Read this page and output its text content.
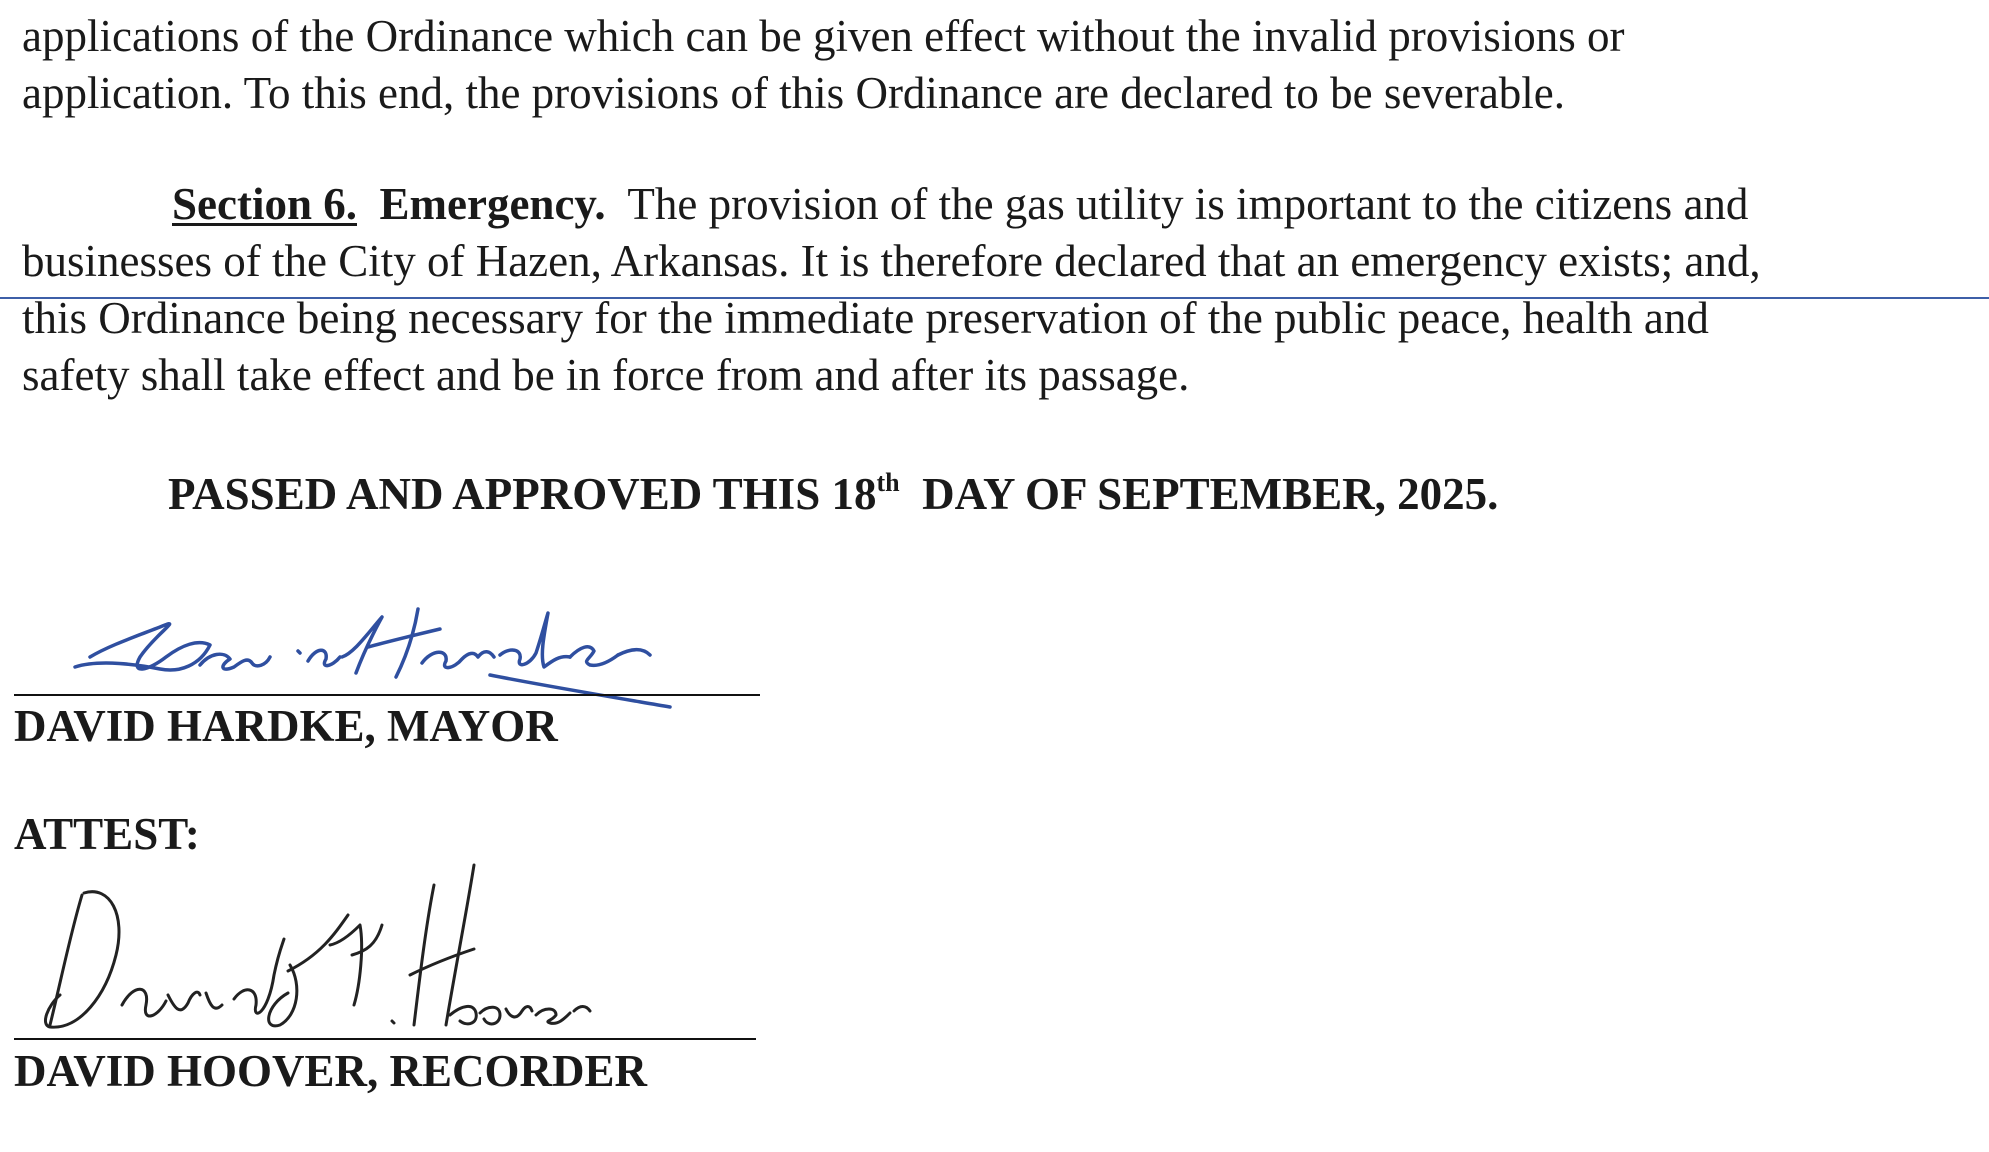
applications of the Ordinance which can be given effect without the invalid provisions or
application. To this end, the provisions of this Ordinance are declared to be severable.

Section 6. Emergency. The provision of the gas utility is important to the citizens and
businesses of the City of Hazen, Arkansas. It is therefore declared that an emergency exists; and,
this Ordinance being necessary for the immediate preservation of the public peace, health and
safety shall take effect and be in force from and after its passage.

PASSED AND APPROVED THIS 18th DAY OF SEPTEMBER, 2025.
DAVID HARDKE, MAYOR
ATTEST:
DAVID HOOVER, RECORDER
